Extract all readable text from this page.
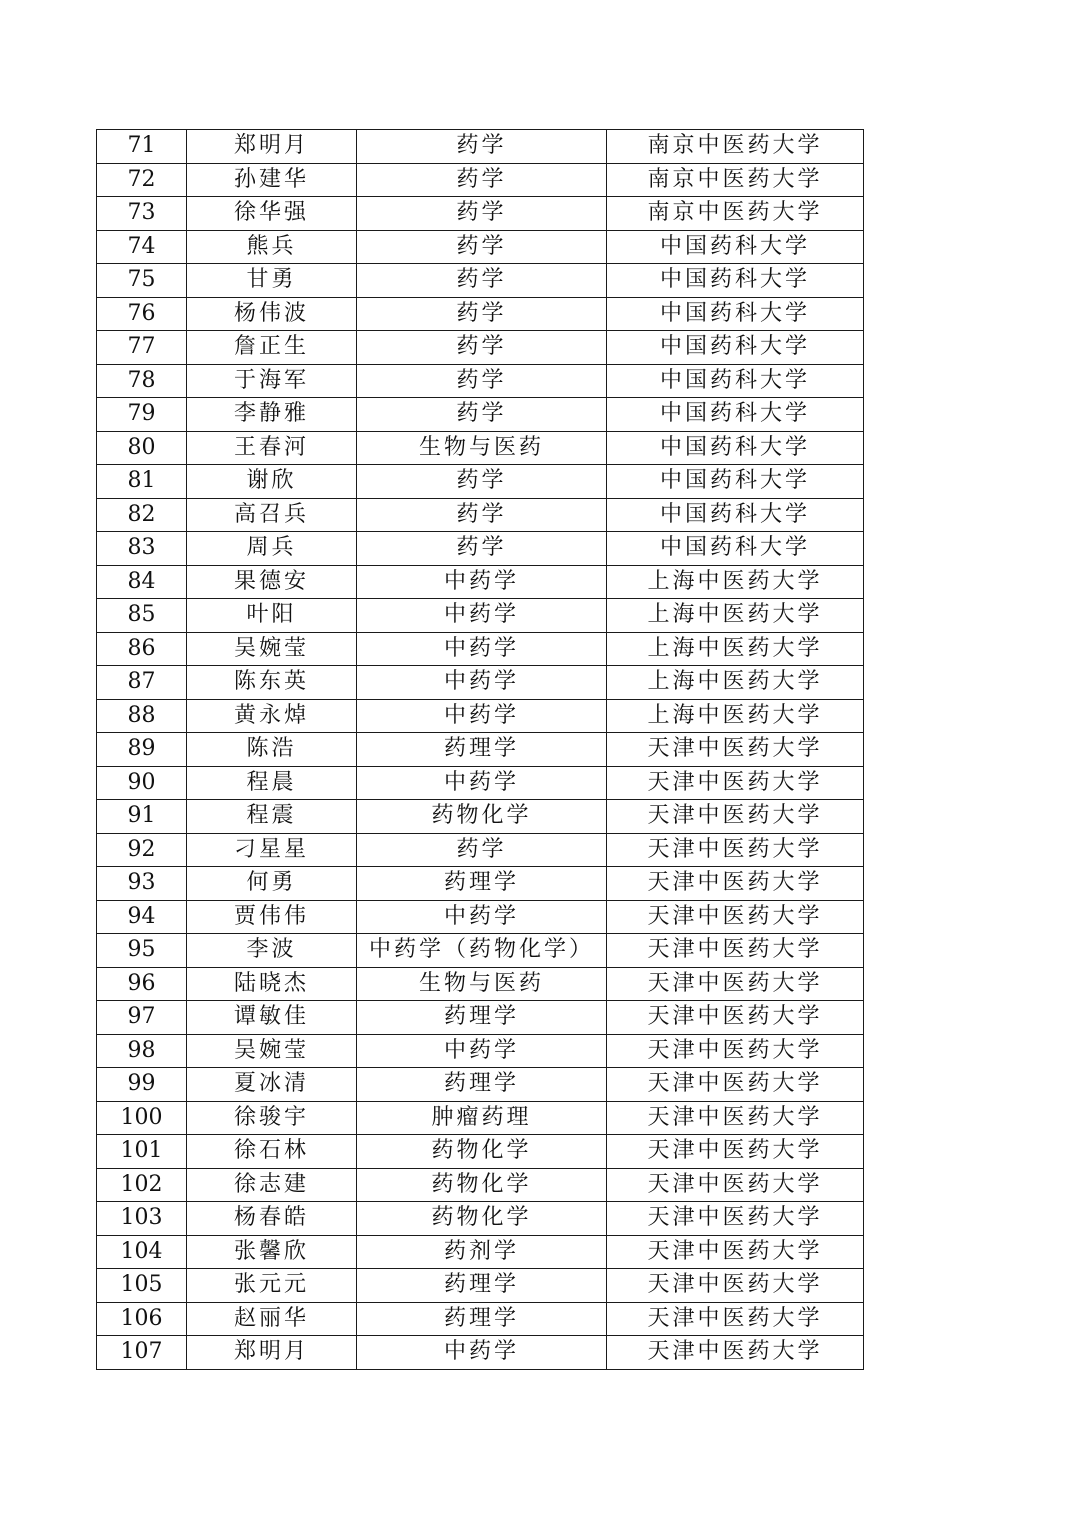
71	郑明月	药学	南京中医药大学
72	孙建华	药学	南京中医药大学
73	徐华强	药学	南京中医药大学
74	熊兵	药学	中国药科大学
75	甘勇	药学	中国药科大学
76	杨伟波	药学	中国药科大学
77	詹正生	药学	中国药科大学
78	于海军	药学	中国药科大学
79	李静雅	药学	中国药科大学
80	王春河	生物与医药	中国药科大学
81	谢欣	药学	中国药科大学
82	高召兵	药学	中国药科大学
83	周兵	药学	中国药科大学
84	果德安	中药学	上海中医药大学
85	叶阳	中药学	上海中医药大学
86	吴婉莹	中药学	上海中医药大学
87	陈东英	中药学	上海中医药大学
88	黄永焯	中药学	上海中医药大学
89	陈浩	药理学	天津中医药大学
90	程晨	中药学	天津中医药大学
91	程震	药物化学	天津中医药大学
92	刁星星	药学	天津中医药大学
93	何勇	药理学	天津中医药大学
94	贾伟伟	中药学	天津中医药大学
95	李波	中药学（药物化学）	天津中医药大学
96	陆晓杰	生物与医药	天津中医药大学
97	谭敏佳	药理学	天津中医药大学
98	吴婉莹	中药学	天津中医药大学
99	夏冰清	药理学	天津中医药大学
100	徐骏宇	肿瘤药理	天津中医药大学
101	徐石林	药物化学	天津中医药大学
102	徐志建	药物化学	天津中医药大学
103	杨春皓	药物化学	天津中医药大学
104	张馨欣	药剂学	天津中医药大学
105	张元元	药理学	天津中医药大学
106	赵丽华	药理学	天津中医药大学
107	郑明月	中药学	天津中医药大学
